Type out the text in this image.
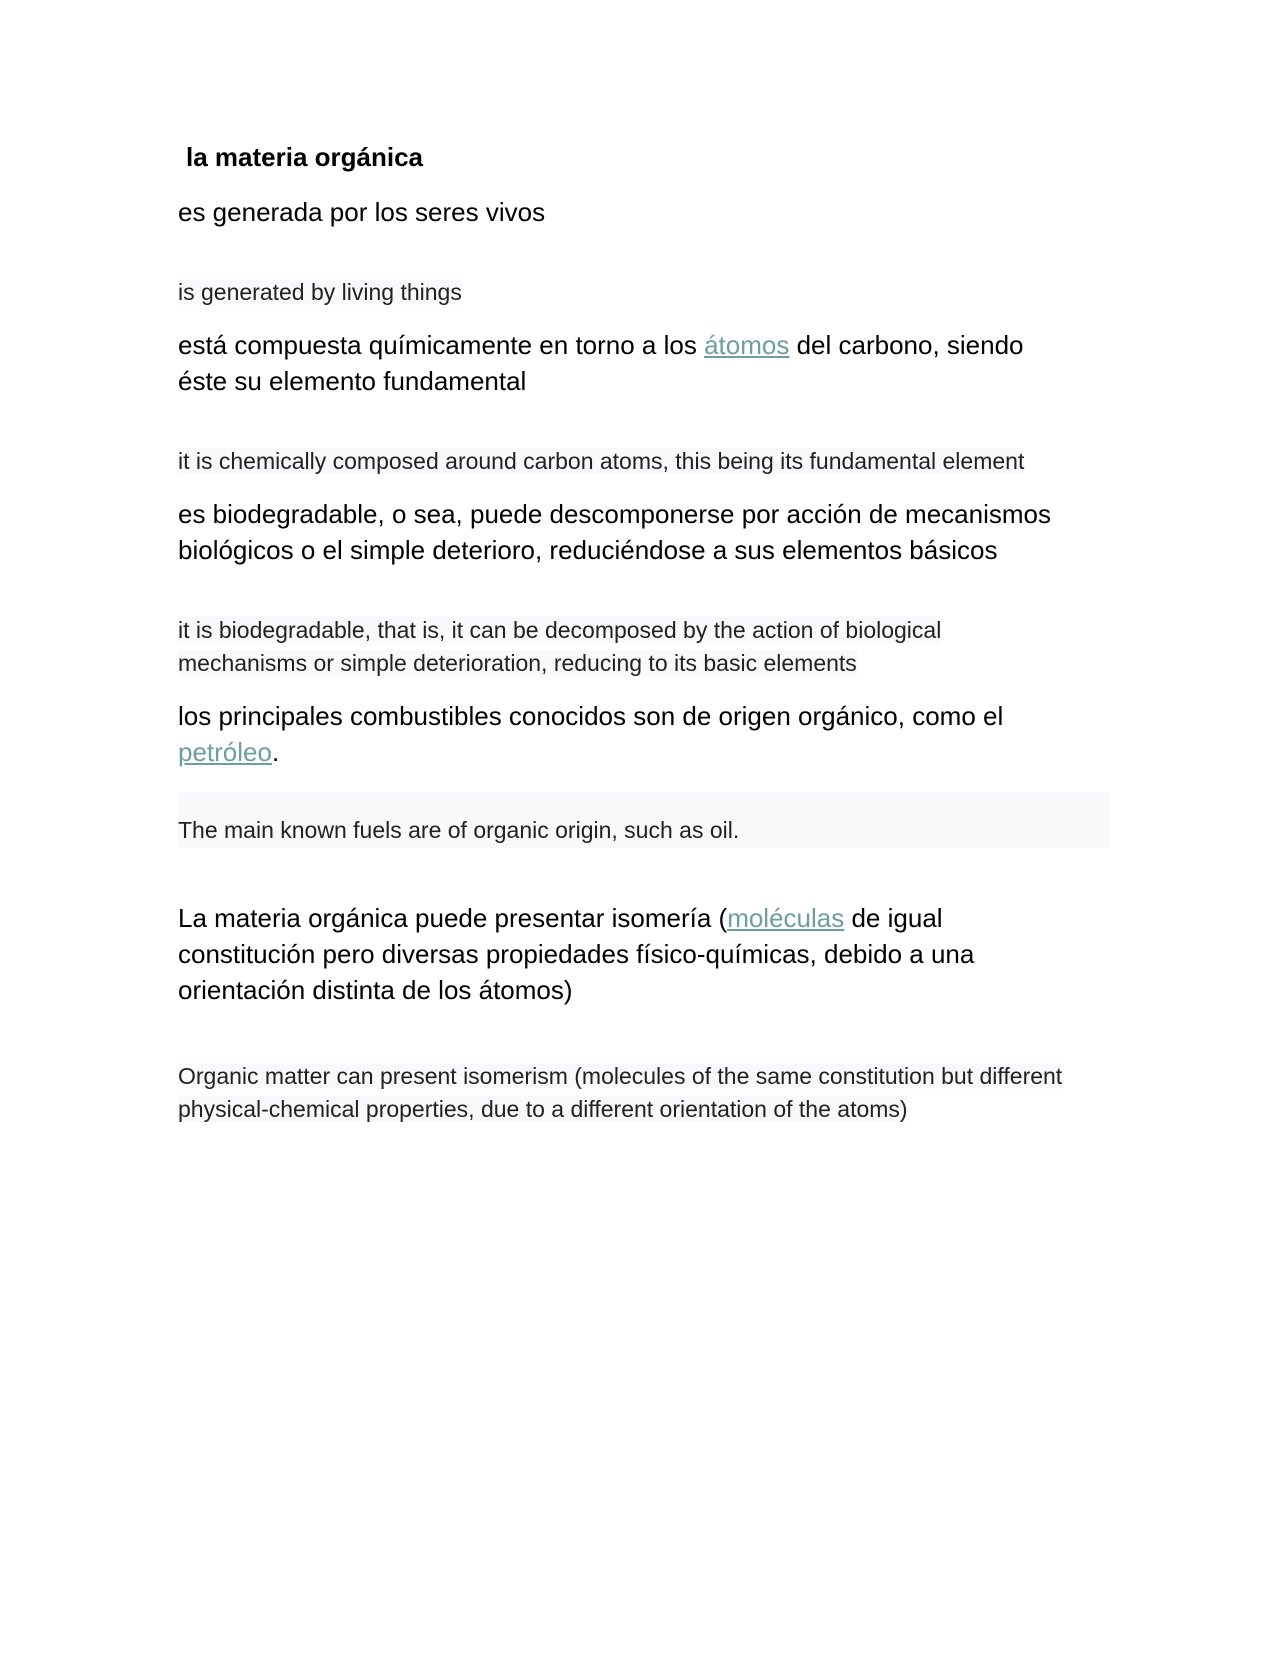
la materia orgánica

es generada por los seres vivos

is generated by living things

está compuesta químicamente en torno a los átomos del carbono, siendo éste su elemento fundamental

it is chemically composed around carbon atoms, this being its fundamental element

es biodegradable, o sea, puede descomponerse por acción de mecanismos biológicos o el simple deterioro, reduciéndose a sus elementos básicos

it is biodegradable, that is, it can be decomposed by the action of biological mechanisms or simple deterioration, reducing to its basic elements

los principales combustibles conocidos son de origen orgánico, como el petróleo.

The main known fuels are of organic origin, such as oil.

La materia orgánica puede presentar isomería (moléculas de igual constitución pero diversas propiedades físico-químicas, debido a una orientación distinta de los átomos)

Organic matter can present isomerism (molecules of the same constitution but different physical-chemical properties, due to a different orientation of the atoms)
